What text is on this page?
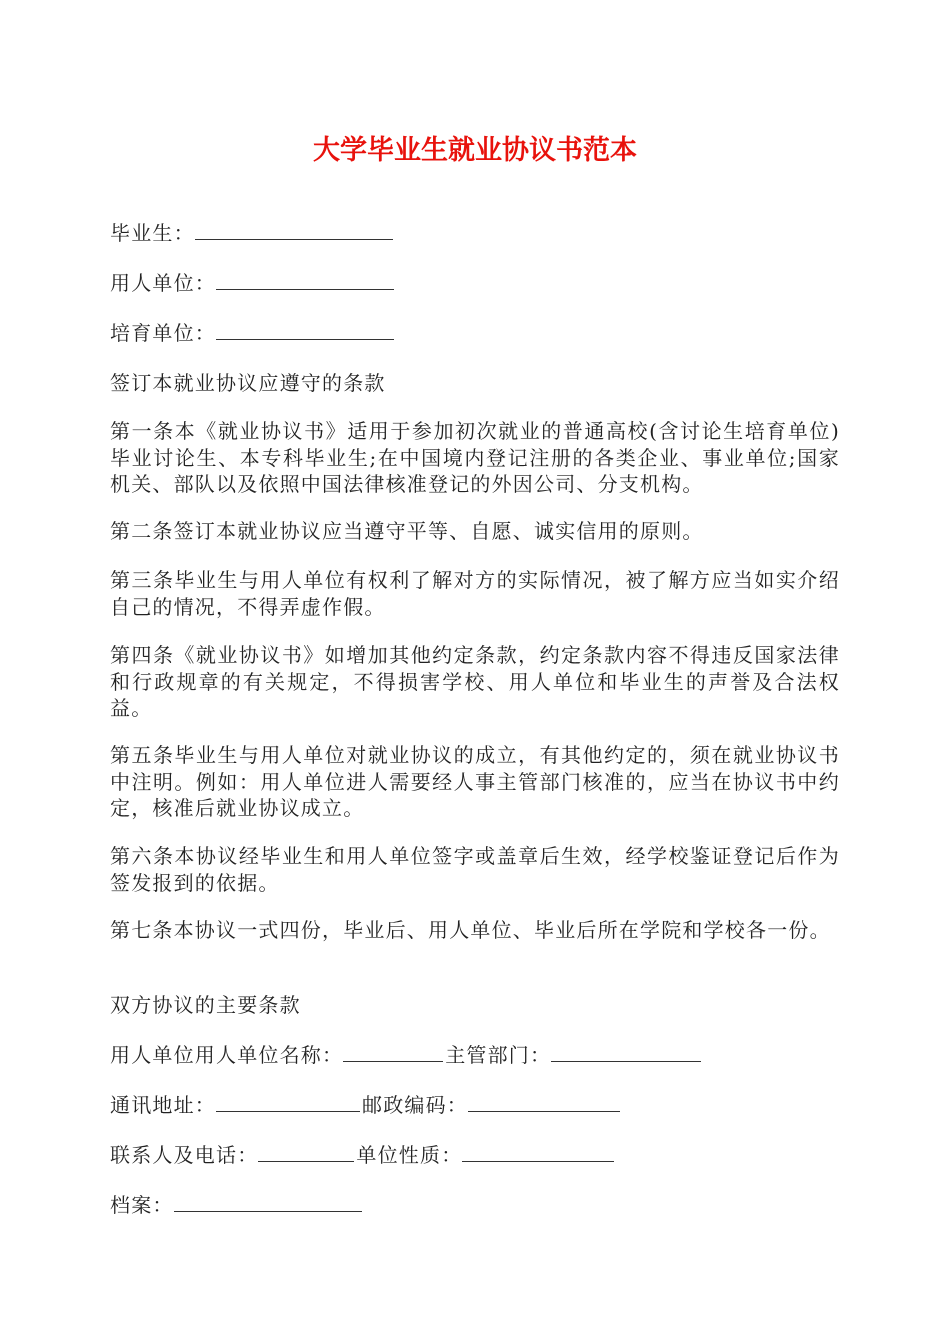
大学毕业生就业协议书范本
毕业生：
用人单位：
培育单位：
签订本就业协议应遵守的条款
第一条本《就业协议书》适用于参加初次就业的普通高校(含讨论生培育单位)毕业讨论生、本专科毕业生;在中国境内登记注册的各类企业、事业单位;国家机关、部队以及依照中国法律核准登记的外因公司、分支机构。
第二条签订本就业协议应当遵守平等、自愿、诚实信用的原则。
第三条毕业生与用人单位有权利了解对方的实际情况，被了解方应当如实介绍自己的情况，不得弄虚作假。
第四条《就业协议书》如增加其他约定条款，约定条款内容不得违反国家法律和行政规章的有关规定，不得损害学校、用人单位和毕业生的声誉及合法权益。
第五条毕业生与用人单位对就业协议的成立，有其他约定的，须在就业协议书中注明。例如：用人单位进人需要经人事主管部门核准的，应当在协议书中约定，核准后就业协议成立。
第六条本协议经毕业生和用人单位签字或盖章后生效，经学校鉴证登记后作为签发报到的依据。
第七条本协议一式四份，毕业后、用人单位、毕业后所在学院和学校各一份。
双方协议的主要条款
用人单位用人单位名称：	主管部门：
通讯地址：	邮政编码：
联系人及电话：	单位性质：
档案：
